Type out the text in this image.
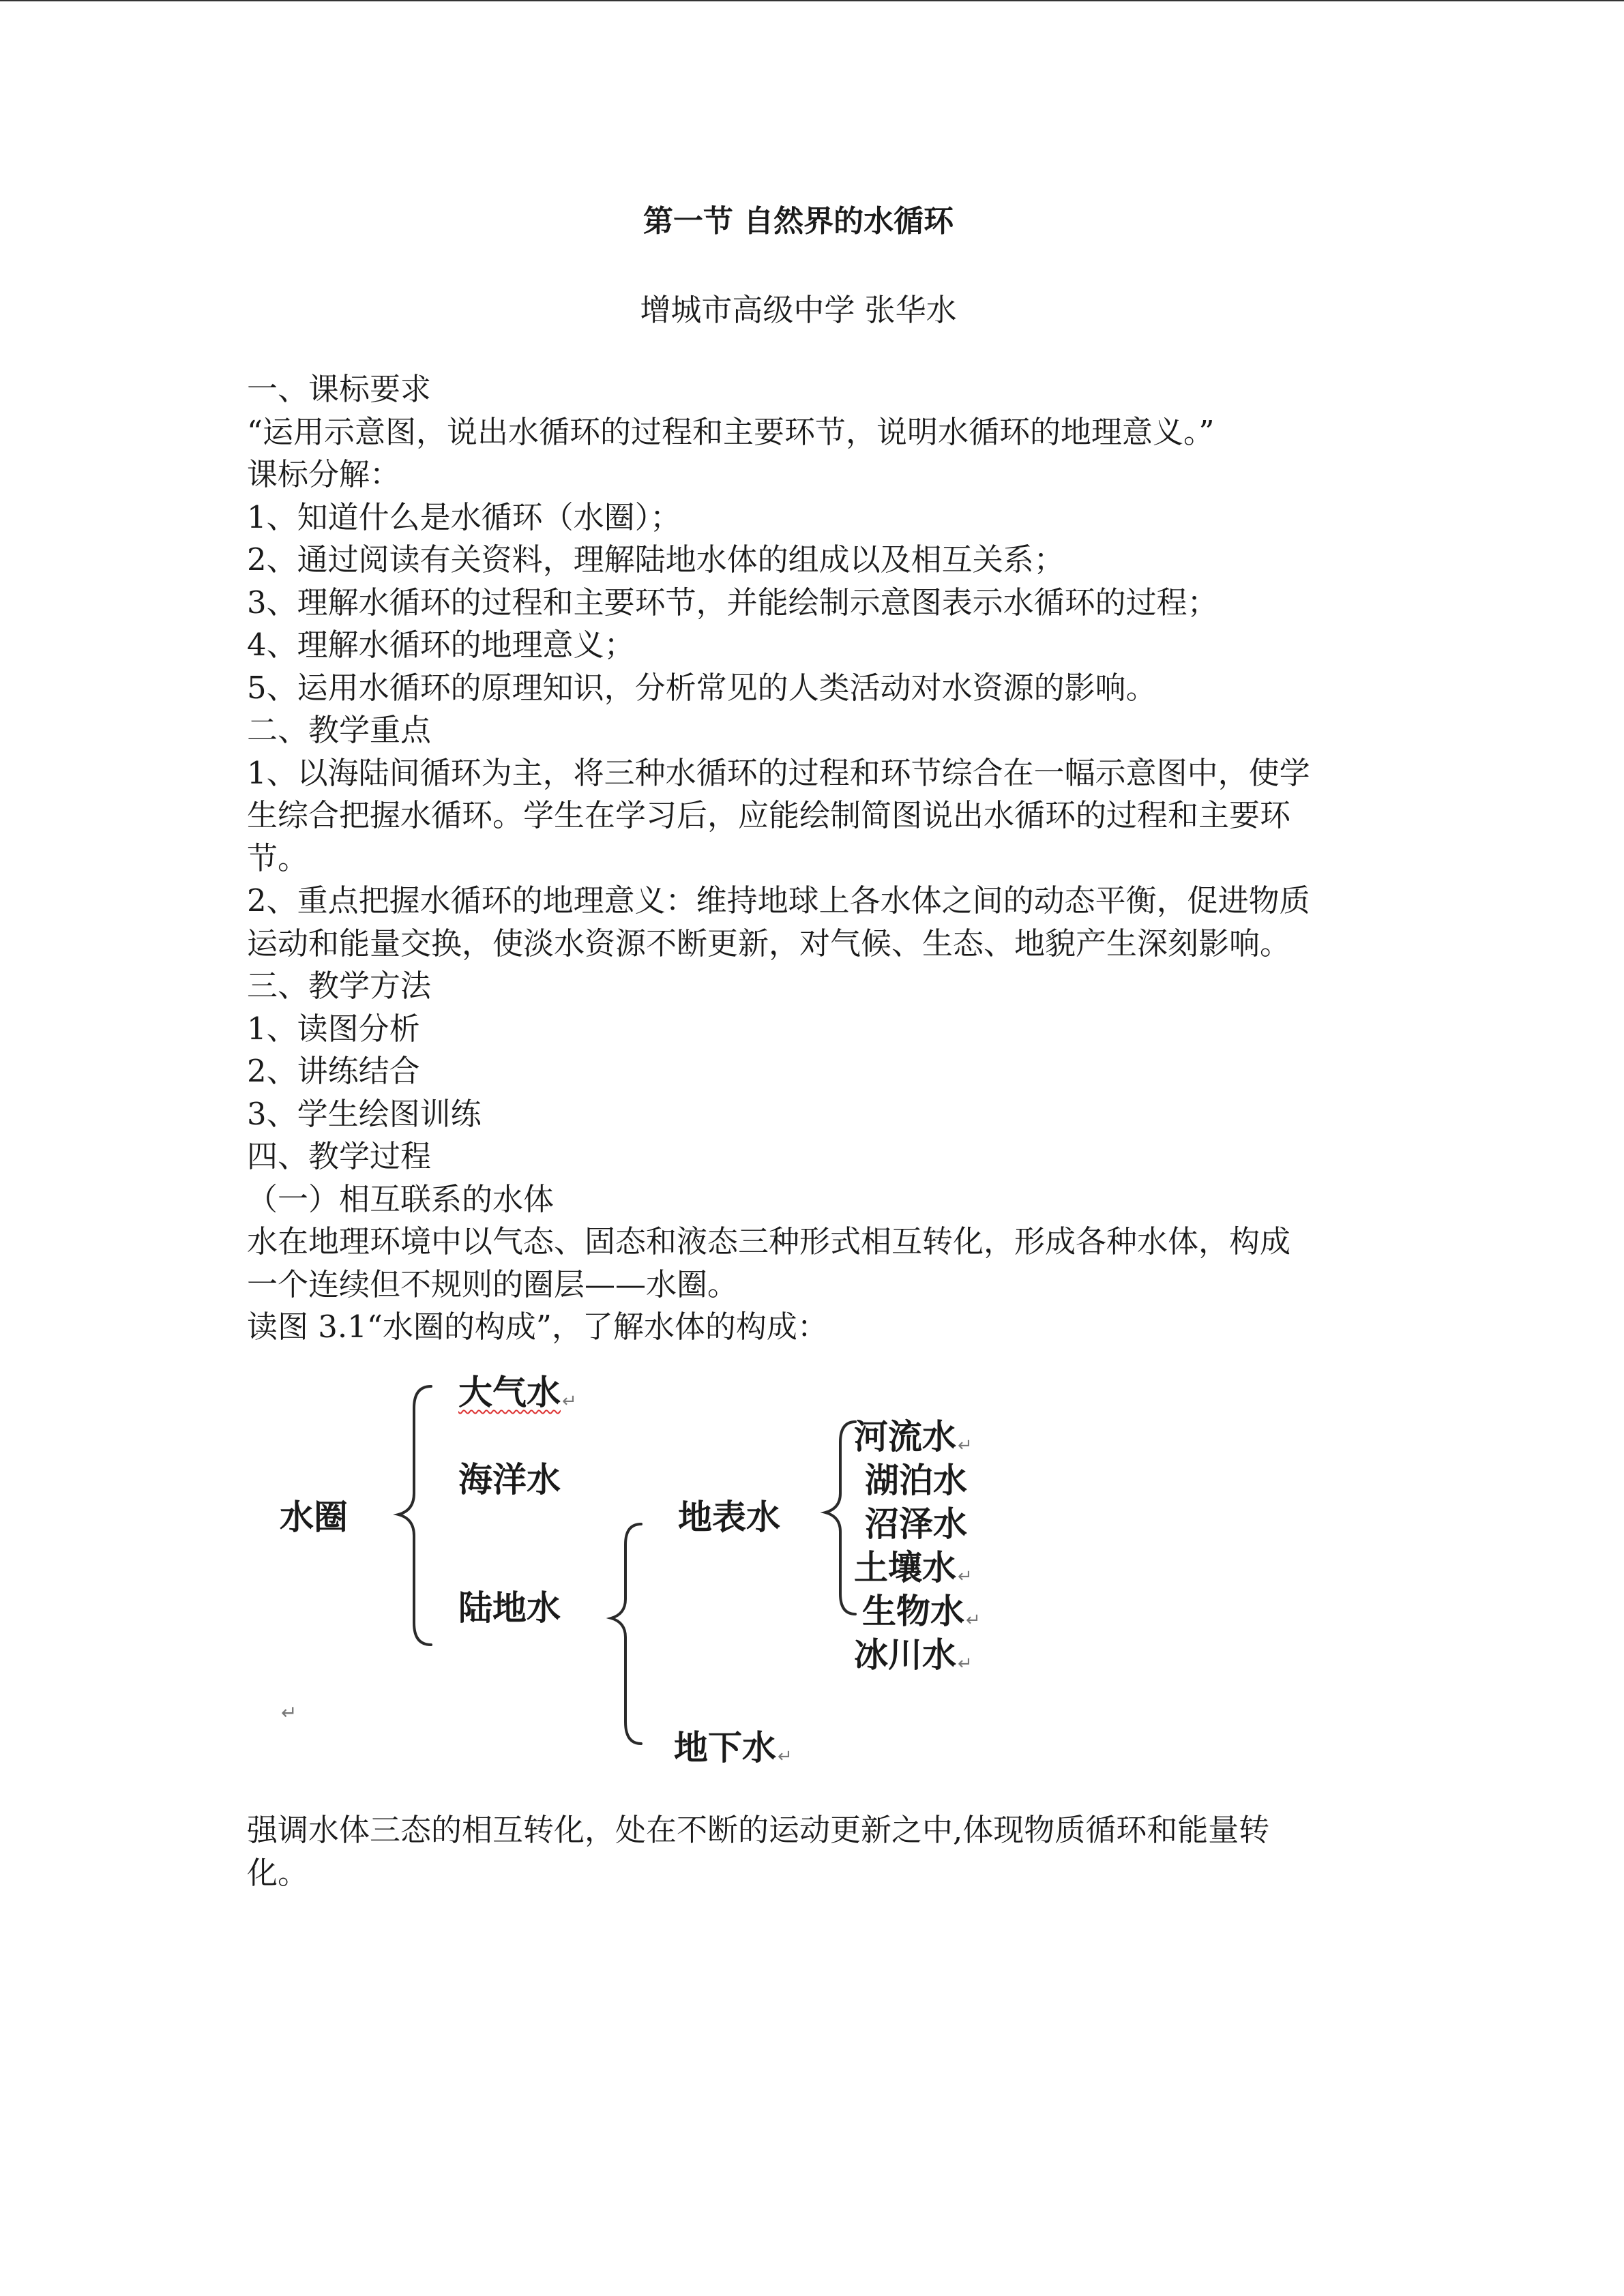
第一节 自然界的水循环
增城市高级中学 张华水
一、课标要求
“运用示意图，说出水循环的过程和主要环节，说明水循环的地理意义。”
课标分解：
1、知道什么是水循环（水圈）；
2、通过阅读有关资料，理解陆地水体的组成以及相互关系；
3、理解水循环的过程和主要环节，并能绘制示意图表示水循环的过程；
4、理解水循环的地理意义；
5、运用水循环的原理知识，分析常见的人类活动对水资源的影响。
二、教学重点
1、以海陆间循环为主，将三种水循环的过程和环节综合在一幅示意图中，使学
生综合把握水循环。学生在学习后，应能绘制简图说出水循环的过程和主要环
节。
2、重点把握水循环的地理意义：维持地球上各水体之间的动态平衡，促进物质
运动和能量交换，使淡水资源不断更新，对气候、生态、地貌产生深刻影响。
三、教学方法
1、读图分析
2、讲练结合
3、学生绘图训练
四、教学过程
（一）相互联系的水体
水在地理环境中以气态、固态和液态三种形式相互转化，形成各种水体，构成
一个连续但不规则的圈层——水圈。
读图 3.1“水圈的构成”，了解水体的构成：
水圈
大气水↵
海洋水
陆地水
地表水
地下水↵
河流水↵
湖泊水
沼泽水
土壤水↵
生物水↵
冰川水↵
↵
强调水体三态的相互转化，处在不断的运动更新之中,体现物质循环和能量转
化。
